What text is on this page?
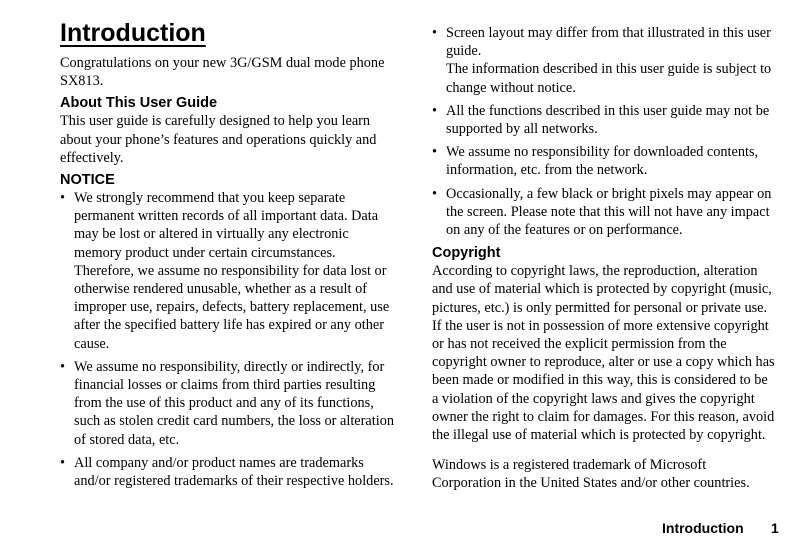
Introduction

Congratulations on your new 3G/GSM dual mode phone SX813.

About This User Guide

This user guide is carefully designed to help you learn about your phone’s features and operations quickly and effectively.

NOTICE
• We strongly recommend that you keep separate permanent written records of all important data. Data may be lost or altered in virtually any electronic memory product under certain circumstances. Therefore, we assume no responsibility for data lost or otherwise rendered unusable, whether as a result of improper use, repairs, defects, battery replacement, use after the specified battery life has expired or any other cause.
• We assume no responsibility, directly or indirectly, for financial losses or claims from third parties resulting from the use of this product and any of its functions, such as stolen credit card numbers, the loss or alteration of stored data, etc.
• All company and/or product names are trademarks and/or registered trademarks of their respective holders.
• Screen layout may differ from that illustrated in this user guide.
The information described in this user guide is subject to change without notice.
• All the functions described in this user guide may not be supported by all networks.
• We assume no responsibility for downloaded contents, information, etc. from the network.
• Occasionally, a few black or bright pixels may appear on the screen. Please note that this will not have any impact on any of the features or on performance.
Copyright

According to copyright laws, the reproduction, alteration and use of material which is protected by copyright (music, pictures, etc.) is only permitted for personal or private use. If the user is not in possession of more extensive copyright or has not received the explicit permission from the copyright owner to reproduce, alter or use a copy which has been made or modified in this way, this is considered to be a violation of the copyright laws and gives the copyright owner the right to claim for damages. For this reason, avoid the illegal use of material which is protected by copyright.

Windows is a registered trademark of Microsoft Corporation in the United States and/or other countries.

Introduction 1
